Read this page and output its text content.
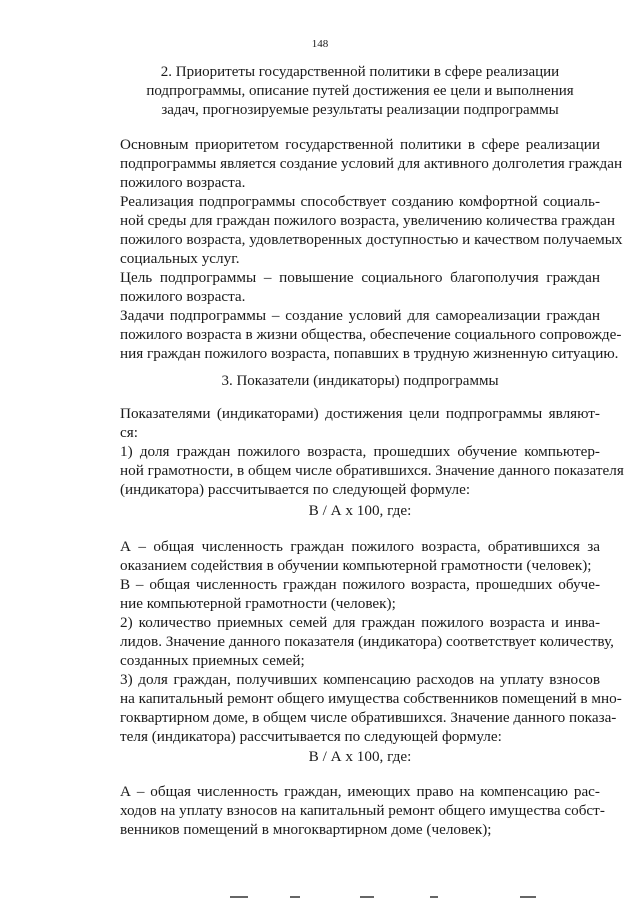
148
2. Приоритеты государственной политики в сфере реализации
подпрограммы, описание путей достижения ее цели и выполнения
задач, прогнозируемые результаты реализации подпрограммы
Основным приоритетом государственной политики в сфере реализации
подпрограммы является создание условий для активного долголетия граждан
пожилого возраста.
Реализация подпрограммы способствует созданию комфортной социаль-
ной среды для граждан пожилого возраста, увеличению количества граждан
пожилого возраста, удовлетворенных доступностью и качеством получаемых
социальных услуг.
Цель подпрограммы – повышение социального благополучия граждан
пожилого возраста.
Задачи подпрограммы – создание условий для самореализации граждан
пожилого возраста в жизни общества, обеспечение социального сопровожде-
ния граждан пожилого возраста, попавших в трудную жизненную ситуацию.
3. Показатели (индикаторы) подпрограммы
Показателями (индикаторами) достижения цели подпрограммы являют-
ся:
1) доля граждан пожилого возраста, прошедших обучение компьютер-
ной грамотности, в общем числе обратившихся. Значение данного показателя
(индикатора) рассчитывается по следующей формуле:
В / А х 100, где:
А – общая численность граждан пожилого возраста, обратившихся за
оказанием содействия в обучении компьютерной грамотности (человек);
В – общая численность граждан пожилого возраста, прошедших обуче-
ние компьютерной грамотности (человек);
2) количество приемных семей для граждан пожилого возраста и инва-
лидов. Значение данного показателя (индикатора) соответствует количеству,
созданных приемных семей;
3) доля граждан, получивших компенсацию расходов на уплату взносов
на капитальный ремонт общего имущества собственников помещений в мно-
гоквартирном доме, в общем числе обратившихся. Значение данного показа-
теля (индикатора) рассчитывается по следующей формуле:
В / А х 100, где:
А – общая численность граждан, имеющих право на компенсацию рас-
ходов на уплату взносов на капитальный ремонт общего имущества собст-
венников помещений в многоквартирном доме (человек);
